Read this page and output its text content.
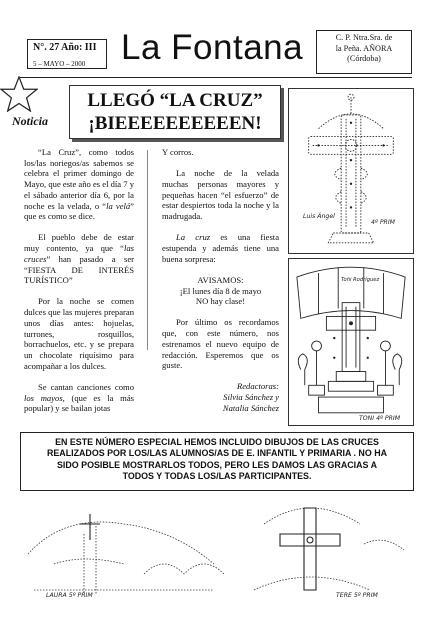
N°. 27 Año: III
5 – MAYO – 2000 La Fontana	C. P. Ntra.Sra. de
la Peña. AÑORA
(Córdoba)
Noticia
LLEGÓ “LA CRUZ”
¡BIEEEEEEEEEEN!

“La Cruz”, como todos los/las noriegos/as sabemos se celebra el primer domingo de Mayo, que este año es el día 7 y el sábado anterior día 6, por la noche es la velada, o “la velá” que es como se dice.

El pueblo debe de estar muy contento, ya que “las cruces” han pasado a ser “FIESTA DE INTERÉS TURÍSTICO”

Por la noche se comen dulces que las mujeres preparan unos días antes: hojuelas, turrones, rosquillos, borrachuelos, etc. y se prepara un chocolate riquísimo para acompañar a los dulces.

Se cantan canciones como los mayos, (que es la más popular) y se bailan jotas

Y corros.

La noche de la velada muchas personas mayores y pequeñas hacen “el esfuerzo” de estar despiertos toda la noche y la madrugada.

La cruz es una fiesta estupenda y además tiene una buena sorpresa:

AVISAMOS:

¡El lunes día 8 de mayo

NO hay clase!

Por último os recordamos que, con este número, nos estrenamos el nuevo equipo de redacción. Esperemos que os guste.

Redactoras:

Silvia Sánchez y

Natalia Sánchez

Luis Ángel
4º PRIM
Toñi Rodríguez
TONI 4º PRIM
EN ESTE NÚMERO ESPECIAL HEMOS INCLUIDO DIBUJOS DE LAS CRUCES
REALIZADOS POR LOS/LAS ALUMNOS/AS DE E. INFANTIL Y PRIMARIA . NO HA
SIDO POSIBLE MOSTRARLOS TODOS, PERO LES DAMOS LAS GRACIAS A
TODOS Y TODAS LOS/LAS PARTICIPANTES.
LAURA 5º PRIM	TERE 5º PRIM
